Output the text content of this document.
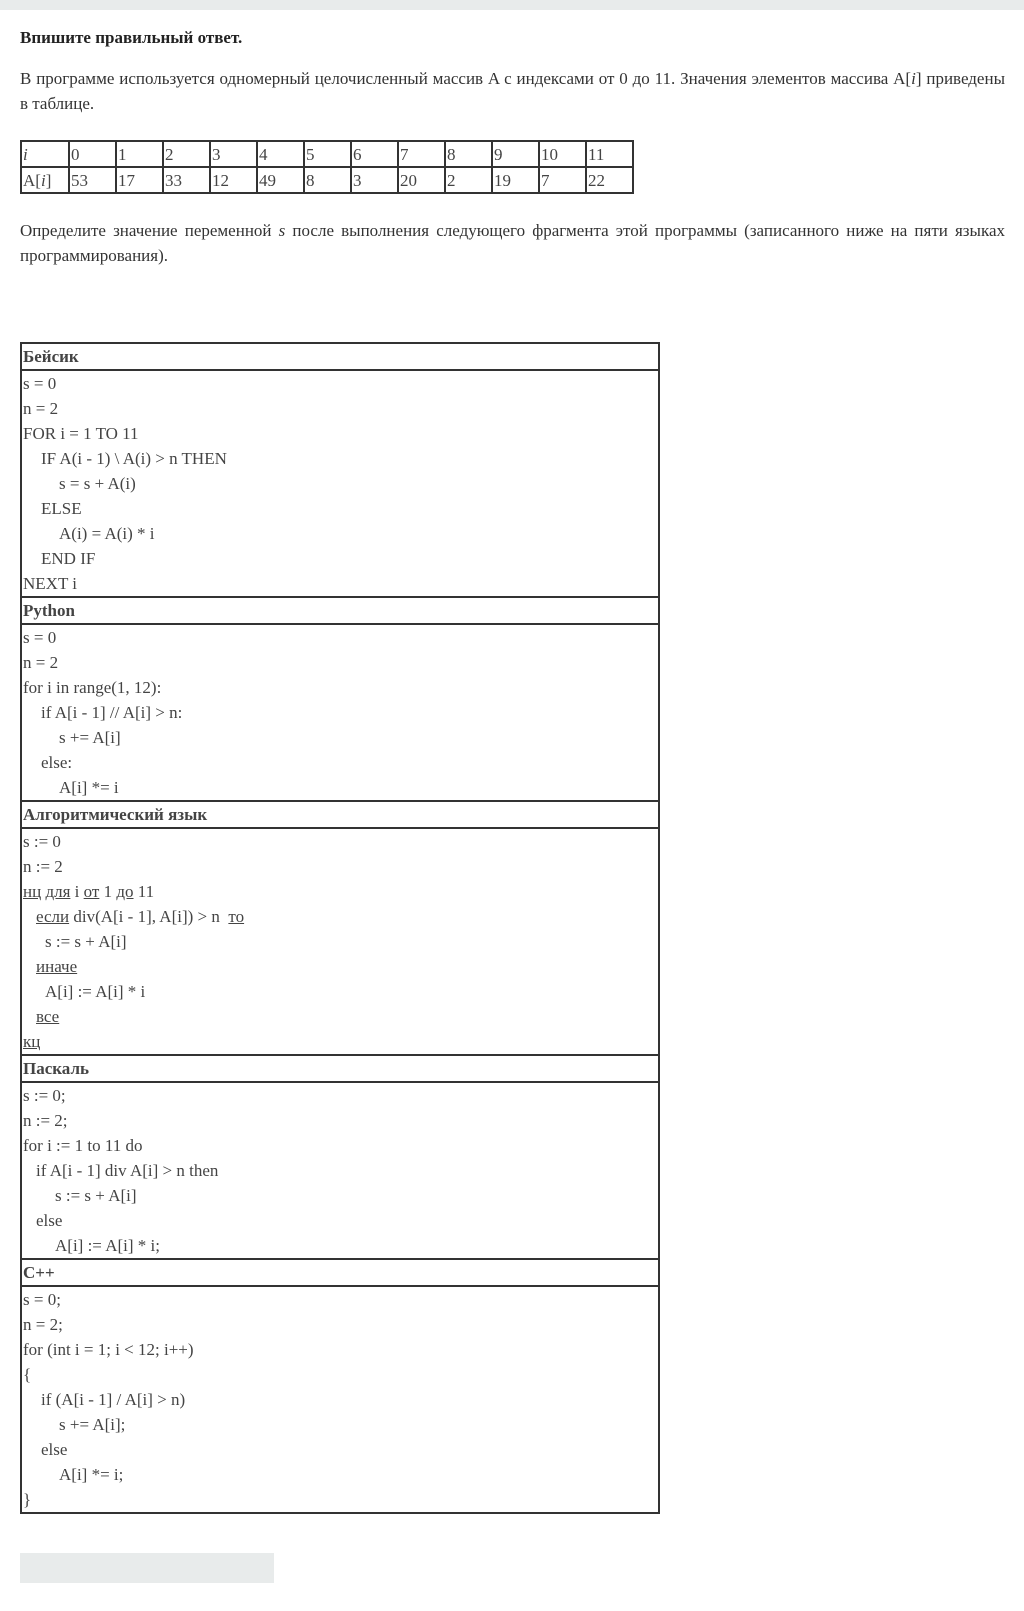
Впишите правильный ответ.

В программе используется одномерный целочисленный массив A с индексами от 0 до 11. Значения элементов массива A[i] приведены в таблице.

i	0	1	2	3	4	5	6	7	8	9	10	11
A[i]	53	17	33	12	49	8	3	20	2	19	7	22

Определите значение переменной s после выполнения следующего фрагмента этой программы (записанного ниже на пяти языках программирования).

Бейсик

s = 0
n = 2
FOR i = 1 TO 11
IF A(i - 1) \ A(i) > n THEN
s = s + A(i)
ELSE
A(i) = A(i) * i
END IF
NEXT i

Python

s = 0
n = 2
for i in range(1, 12):
if A[i - 1] // A[i] > n:
s += A[i]
else:
A[i] *= i

Алгоритмический язык

s := 0
n := 2
нц для i от 1 до 11
если div(A[i - 1], A[i]) > n  то
s := s + A[i]
иначе
A[i] := A[i] * i
все
кц

Паскаль

s := 0;
n := 2;
for i := 1 to 11 do
if A[i - 1] div A[i] > n then
s := s + A[i]
else
A[i] := A[i] * i;

C++

s = 0;
n = 2;
for (int i = 1; i < 12; i++)
{
if (A[i - 1] / A[i] > n)
s += A[i];
else
A[i] *= i;
}
